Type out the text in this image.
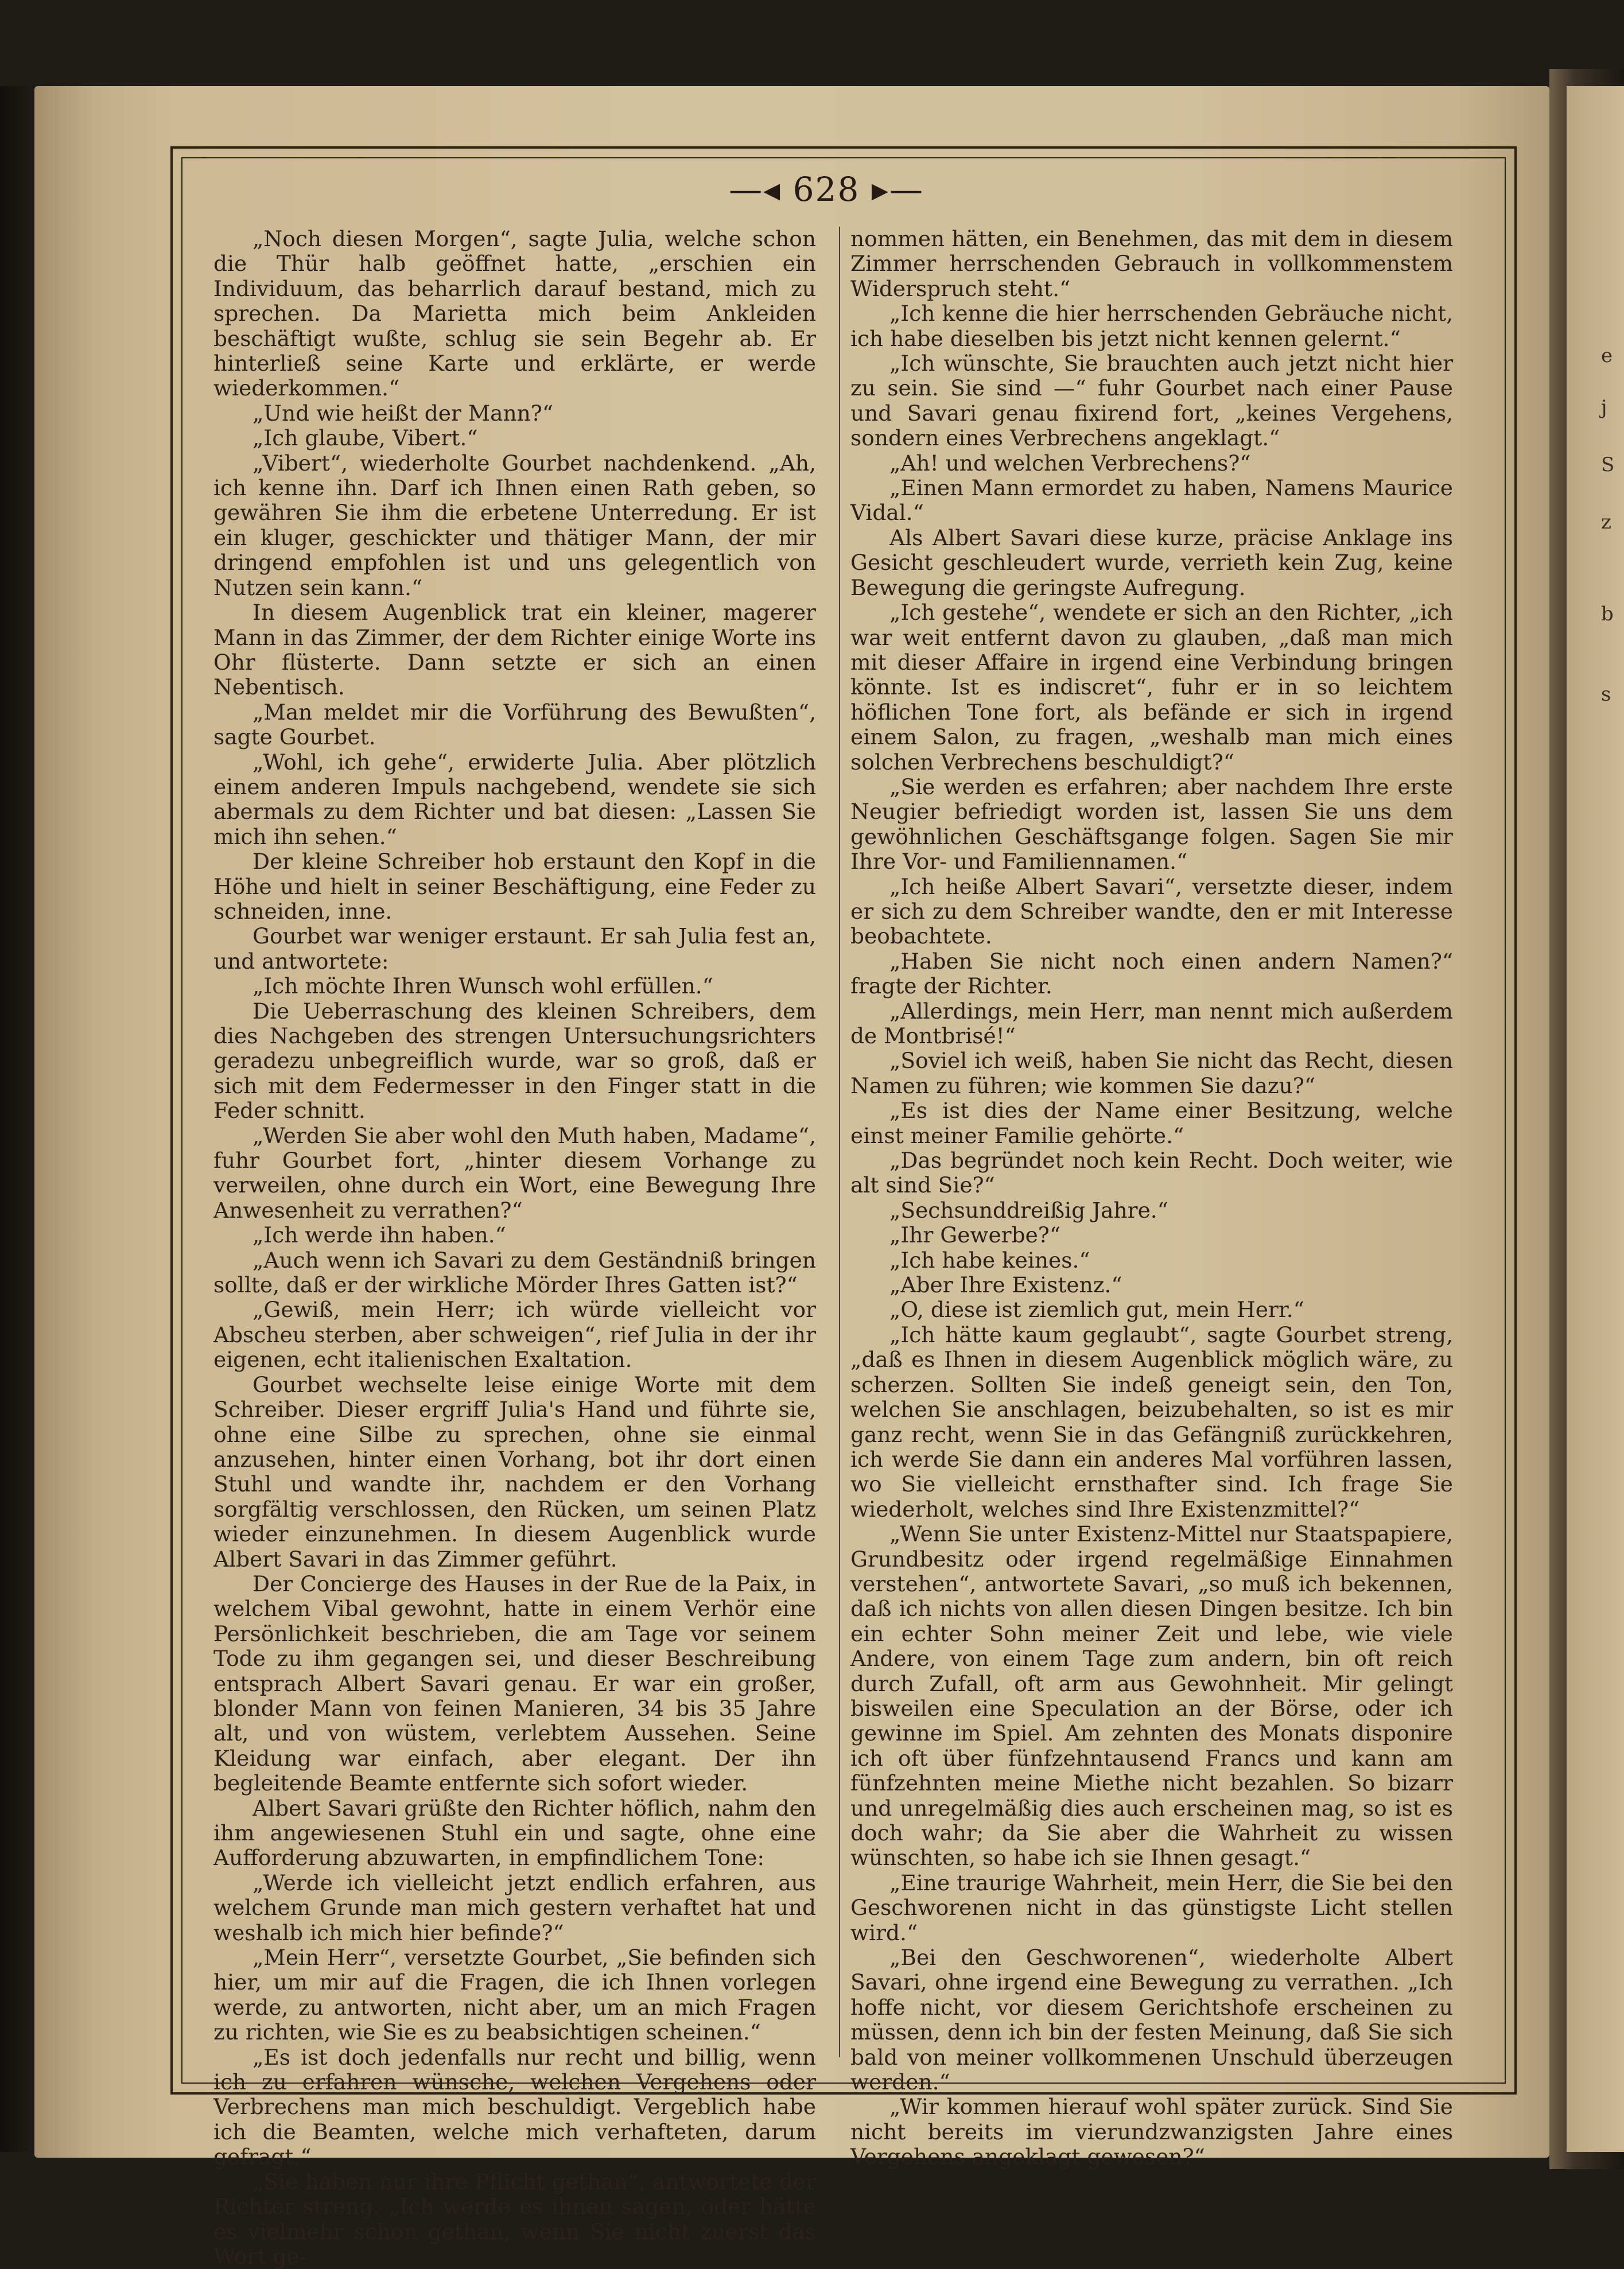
e
j
S
z
b
s
—◂ 628 ▸—

„Noch diesen Morgen“, sagte Julia, welche schon die Thür halb geöffnet hatte, „erschien ein Individuum, das beharrlich darauf bestand, mich zu sprechen. Da Marietta mich beim Ankleiden beschäftigt wußte, schlug sie sein Begehr ab. Er hinterließ seine Karte und erklärte, er werde wiederkommen.“

„Und wie heißt der Mann?“

„Ich glaube, Vibert.“

„Vibert“, wiederholte Gourbet nachdenkend. „Ah, ich kenne ihn. Darf ich Ihnen einen Rath geben, so gewähren Sie ihm die erbetene Unterredung. Er ist ein kluger, geschickter und thätiger Mann, der mir dringend empfohlen ist und uns gelegentlich von Nutzen sein kann.“

In diesem Augenblick trat ein kleiner, magerer Mann in das Zimmer, der dem Richter einige Worte ins Ohr flüsterte. Dann setzte er sich an einen Nebentisch.

„Man meldet mir die Vorführung des Bewußten“, sagte Gourbet.

„Wohl, ich gehe“, erwiderte Julia. Aber plötzlich einem anderen Impuls nachgebend, wendete sie sich abermals zu dem Richter und bat diesen: „Lassen Sie mich ihn sehen.“

Der kleine Schreiber hob erstaunt den Kopf in die Höhe und hielt in seiner Beschäftigung, eine Feder zu schneiden, inne.

Gourbet war weniger erstaunt. Er sah Julia fest an, und antwortete:

„Ich möchte Ihren Wunsch wohl erfüllen.“

Die Ueberraschung des kleinen Schreibers, dem dies Nachgeben des strengen Untersuchungsrichters geradezu unbegreiflich wurde, war so groß, daß er sich mit dem Federmesser in den Finger statt in die Feder schnitt.

„Werden Sie aber wohl den Muth haben, Madame“, fuhr Gourbet fort, „hinter diesem Vorhange zu verweilen, ohne durch ein Wort, eine Bewegung Ihre Anwesenheit zu verrathen?“

„Ich werde ihn haben.“

„Auch wenn ich Savari zu dem Geständniß bringen sollte, daß er der wirkliche Mörder Ihres Gatten ist?“

„Gewiß, mein Herr; ich würde vielleicht vor Abscheu sterben, aber schweigen“, rief Julia in der ihr eigenen, echt italienischen Exaltation.

Gourbet wechselte leise einige Worte mit dem Schreiber. Dieser ergriff Julia's Hand und führte sie, ohne eine Silbe zu sprechen, ohne sie einmal anzusehen, hinter einen Vorhang, bot ihr dort einen Stuhl und wandte ihr, nachdem er den Vorhang sorgfältig verschlossen, den Rücken, um seinen Platz wieder einzunehmen. In diesem Augenblick wurde Albert Savari in das Zimmer geführt.

Der Concierge des Hauses in der Rue de la Paix, in welchem Vibal gewohnt, hatte in einem Verhör eine Persönlichkeit beschrieben, die am Tage vor seinem Tode zu ihm gegangen sei, und dieser Beschreibung entsprach Albert Savari genau. Er war ein großer, blonder Mann von feinen Manieren, 34 bis 35 Jahre alt, und von wüstem, verlebtem Aussehen. Seine Kleidung war einfach, aber elegant. Der ihn begleitende Beamte entfernte sich sofort wieder.

Albert Savari grüßte den Richter höflich, nahm den ihm angewiesenen Stuhl ein und sagte, ohne eine Aufforderung abzuwarten, in empfindlichem Tone:

„Werde ich vielleicht jetzt endlich erfahren, aus welchem Grunde man mich gestern verhaftet hat und weshalb ich mich hier befinde?“

„Mein Herr“, versetzte Gourbet, „Sie befinden sich hier, um mir auf die Fragen, die ich Ihnen vorlegen werde, zu antworten, nicht aber, um an mich Fragen zu richten, wie Sie es zu beabsichtigen scheinen.“

„Es ist doch jedenfalls nur recht und billig, wenn ich zu erfahren wünsche, welchen Vergehens oder Verbrechens man mich beschuldigt. Vergeblich habe ich die Beamten, welche mich verhafteten, darum gefragt.“

„Sie haben nur ihre Pflicht gethan“, antwortete der Richter streng. „Ich werde es ihnen sagen, oder hätte es vielmehr schon gethan, wenn Sie nicht zuerst das Wort ge-

nommen hätten, ein Benehmen, das mit dem in diesem Zimmer herrschenden Gebrauch in vollkommenstem Widerspruch steht.“

„Ich kenne die hier herrschenden Gebräuche nicht, ich habe dieselben bis jetzt nicht kennen gelernt.“

„Ich wünschte, Sie brauchten auch jetzt nicht hier zu sein. Sie sind —“ fuhr Gourbet nach einer Pause und Savari genau fixirend fort, „keines Vergehens, sondern eines Verbrechens angeklagt.“

„Ah! und welchen Verbrechens?“

„Einen Mann ermordet zu haben, Namens Maurice Vidal.“

Als Albert Savari diese kurze, präcise Anklage ins Gesicht geschleudert wurde, verrieth kein Zug, keine Bewegung die geringste Aufregung.

„Ich gestehe“, wendete er sich an den Richter, „ich war weit entfernt davon zu glauben, „daß man mich mit dieser Affaire in irgend eine Verbindung bringen könnte. Ist es indiscret“, fuhr er in so leichtem höflichen Tone fort, als befände er sich in irgend einem Salon, zu fragen, „weshalb man mich eines solchen Verbrechens beschuldigt?“

„Sie werden es erfahren; aber nachdem Ihre erste Neugier befriedigt worden ist, lassen Sie uns dem gewöhnlichen Geschäftsgange folgen. Sagen Sie mir Ihre Vor- und Familiennamen.“

„Ich heiße Albert Savari“, versetzte dieser, indem er sich zu dem Schreiber wandte, den er mit Interesse beobachtete.

„Haben Sie nicht noch einen andern Namen?“ fragte der Richter.

„Allerdings, mein Herr, man nennt mich außerdem de Montbrisé!“

„Soviel ich weiß, haben Sie nicht das Recht, diesen Namen zu führen; wie kommen Sie dazu?“

„Es ist dies der Name einer Besitzung, welche einst meiner Familie gehörte.“

„Das begründet noch kein Recht. Doch weiter, wie alt sind Sie?“

„Sechsunddreißig Jahre.“

„Ihr Gewerbe?“

„Ich habe keines.“

„Aber Ihre Existenz.“

„O, diese ist ziemlich gut, mein Herr.“

„Ich hätte kaum geglaubt“, sagte Gourbet streng, „daß es Ihnen in diesem Augenblick möglich wäre, zu scherzen. Sollten Sie indeß geneigt sein, den Ton, welchen Sie anschlagen, beizubehalten, so ist es mir ganz recht, wenn Sie in das Gefängniß zurückkehren, ich werde Sie dann ein anderes Mal vorführen lassen, wo Sie vielleicht ernsthafter sind. Ich frage Sie wiederholt, welches sind Ihre Existenzmittel?“

„Wenn Sie unter Existenz-Mittel nur Staatspapiere, Grundbesitz oder irgend regelmäßige Einnahmen verstehen“, antwortete Savari, „so muß ich bekennen, daß ich nichts von allen diesen Dingen besitze. Ich bin ein echter Sohn meiner Zeit und lebe, wie viele Andere, von einem Tage zum andern, bin oft reich durch Zufall, oft arm aus Gewohnheit. Mir gelingt bisweilen eine Speculation an der Börse, oder ich gewinne im Spiel. Am zehnten des Monats disponire ich oft über fünfzehntausend Francs und kann am fünfzehnten meine Miethe nicht bezahlen. So bizarr und unregelmäßig dies auch erscheinen mag, so ist es doch wahr; da Sie aber die Wahrheit zu wissen wünschten, so habe ich sie Ihnen gesagt.“

„Eine traurige Wahrheit, mein Herr, die Sie bei den Geschworenen nicht in das günstigste Licht stellen wird.“

„Bei den Geschworenen“, wiederholte Albert Savari, ohne irgend eine Bewegung zu verrathen. „Ich hoffe nicht, vor diesem Gerichtshofe erscheinen zu müssen, denn ich bin der festen Meinung, daß Sie sich bald von meiner vollkommenen Unschuld überzeugen werden.“

„Wir kommen hierauf wohl später zurück. Sind Sie nicht bereits im vierundzwanzigsten Jahre eines Vergehens angeklagt gewesen?“
